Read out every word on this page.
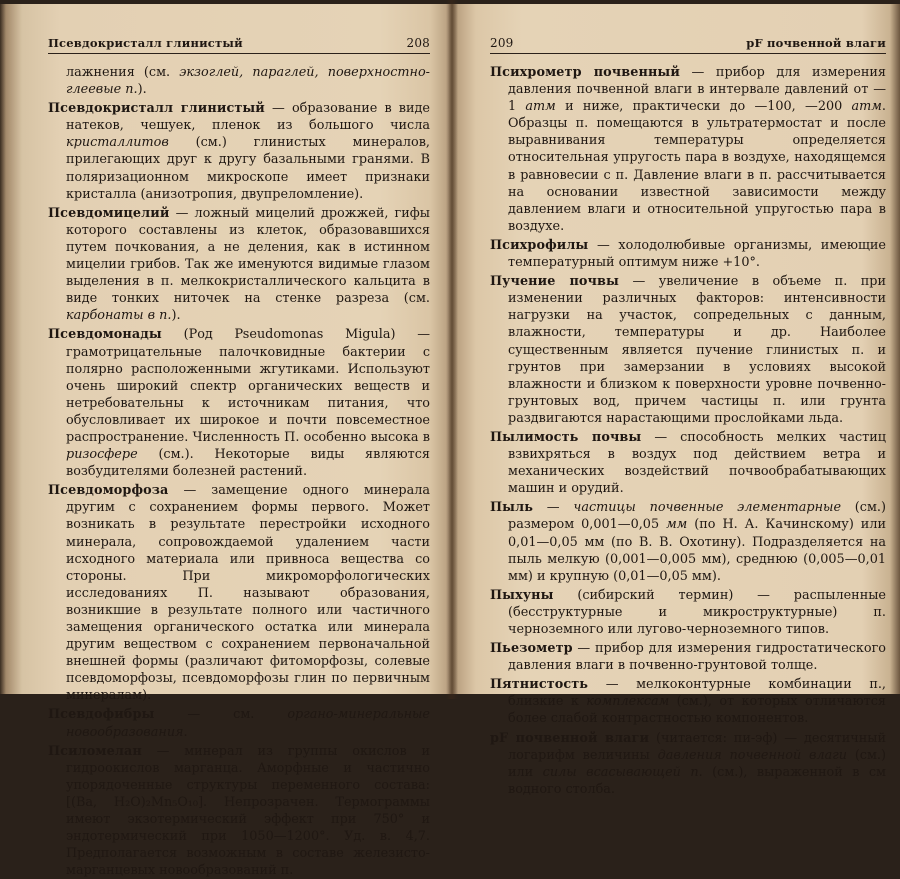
Псевдокристалл глинистый	208

лажнения (см. экзоглей, параглей, поверхностно-глеевые п.).

Псевдокристалл глинистый — образование в виде натеков, чешуек, пленок из большого числа кристаллитов (см.) глинистых минералов, прилегающих друг к другу базальными гранями. В поляризационном микроскопе имеет признаки кристалла (анизотропия, двупреломление).

Псевдомицелий — ложный мицелий дрожжей, гифы которого составлены из клеток, образовавшихся путем почкования, а не деления, как в истинном мицелии грибов. Так же именуются видимые глазом выделения в п. мелкокристаллического кальцита в виде тонких ниточек на стенке разреза (см. карбонаты в п.).

Псевдомонады (Род Pseudomonas Migula) — грамотрицательные палочковидные бактерии с полярно расположенными жгутиками. Используют очень широкий спектр органических веществ и нетребовательны к источникам питания, что обусловливает их широкое и почти повсеместное распространение. Численность П. особенно высока в ризосфере (см.). Некоторые виды являются возбудителями болезней растений.

Псевдоморфоза — замещение одного минерала другим с сохранением формы первого. Может возникать в результате перестройки исходного минерала, сопровождаемой удалением части исходного материала или привноса вещества со стороны. При микроморфологических исследованиях П. называют образования, возникшие в результате полного или частичного замещения органического остатка или минерала другим веществом с сохранением первоначальной внешней формы (различают фитоморфозы, солевые псевдоморфозы, псевдоморфозы глин по первичным минералам).

Псевдофибры — см. органо-минеральные новообразования.

Псиломелан — минерал из группы окислов и гидроокислов марганца. Аморфные и частично упорядоченные структуры переменного состава: [(Ba, H₂O)₂Mn₅O₁₀]. Непрозрачен. Термограммы имеют экзотермический эффект при 750° и эндотермический при 1050—1200°. Уд. в. 4,7. Предполагается возможным в составе железисто-марганцевых новообразований п.

209	pF почвенной влаги

Психрометр почвенный — прибор для измерения давления почвенной влаги в интервале давлений от —1 атм и ниже, практически до —100, —200 атм. Образцы п. помещаются в ультратермостат и после выравнивания температуры определяется относительная упругость пара в воздухе, находящемся в равновесии с п. Давление влаги в п. рассчитывается на основании известной зависимости между давлением влаги и относительной упругостью пара в воздухе.

Психрофилы — холодолюбивые организмы, имеющие температурный оптимум ниже +10°.

Пучение почвы — увеличение в объеме п. при изменении различных факторов: интенсивности нагрузки на участок, сопредельных с данным, влажности, температуры и др. Наиболее существенным является пучение глинистых п. и грунтов при замерзании в условиях высокой влажности и близком к поверхности уровне почвенно-грунтовых вод, причем частицы п. или грунта раздвигаются нарастающими прослойками льда.

Пылимость почвы — способность мелких частиц взвихряться в воздух под действием ветра и механических воздействий почвообрабатывающих машин и орудий.

Пыль — частицы почвенные элементарные (см.) размером 0,001—0,05 мм (по Н. А. Качинскому) или 0,01—0,05 мм (по В. В. Охотину). Подразделяется на пыль мелкую (0,001—0,005 мм), среднюю (0,005—0,01 мм) и крупную (0,01—0,05 мм).

Пыхуны (сибирский термин) — распыленные (бесструктурные и микроструктурные) п. черноземного или лугово-черноземного типов.

Пьезометр — прибор для измерения гидростатического давления влаги в почвенно-грунтовой толще.

Пятнистость — мелкоконтурные комбинации п., близкие к комплексам (см.), от которых отличаются более слабой контрастностью компонентов.

pF почвенной влаги (читается: пи-эф) — десятичный логарифм величины давления почвенной влаги (см.) или силы всасывающей п. (см.), выраженной в см водного столба.
